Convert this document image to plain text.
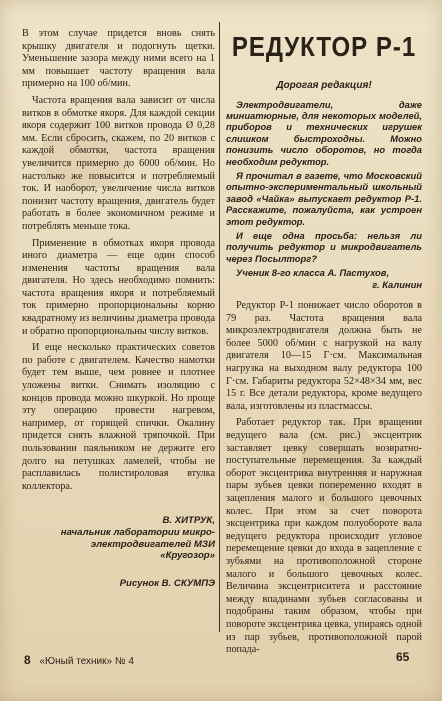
В этом случае придется вновь снять крышку двигателя и подогнуть щетки. Уменьшение зазора между ними всего на 1 мм повышает частоту вращения вала примерно на 100 об/мин.

Частота вращения вала зависит от числа витков в обмотке якоря. Для каждой секции якоря содержит 100 витков провода Ø 0,28 мм. Если сбросить, скажем, по 20 витков с каждой обмотки, частота вращения увеличится примерно до 6000 об/мин. Но настолько же повысится и потребляемый ток. И наоборот, увеличение числа витков понизит частоту вращения, двигатель будет работать в более экономичном режиме и потреблять меньше тока.

Применение в обмотках якоря провода иного диаметра — еще один способ изменения частоты вращения вала двигателя. Но здесь необходимо помнить: частота вращения якоря и потребляемый ток примерно пропорциональны корню квадратному из величины диаметра провода и обратно пропорциональны числу витков.

И еще несколько практических советов по работе с двигателем. Качество намотки будет тем выше, чем ровнее и плотнее уложены витки. Снимать изоляцию с концов провода можно шкуркой. Но проще эту операцию провести нагревом, например, от горящей спички. Окалину придется снять влажной тряпочкой. При пользовании паяльником не держите его долго на петушках ламелей, чтобы не расплавилась полистироловая втулка коллектора.

В. ХИТРУК,
начальник лаборатории микро-
электродвигателей МЗИ
«Кругозор»
Рисунок В. СКУМПЭ
РЕДУКТОР Р-1
Дорогая редакция!

Электродвигатели, даже миниатюрные, для некоторых моделей, приборов и технических игрушек слишком быстроходны. Можно понизить число оборотов, но тогда необходим редуктор.

Я прочитал в газете, что Московский опытно-экспериментальный школьный завод «Чайка» выпускает редуктор Р-1. Расскажите, пожалуйста, как устроен этот редуктор.

И еще одна просьба: нельзя ли получить редуктор и микродвигатель через Посылторг?

Ученик 8-го класса А. Пастухов,
г. Калинин

Редуктор Р-1 понижает число оборотов в 79 раз. Частота вращения вала микроэлектродвигателя должна быть не более 5000 об/мин с нагрузкой на валу двигателя 10—15 Г·см. Максимальная нагрузка на выходном валу редуктора 100 Г·см. Габариты редуктора 52×48×34 мм, вес 15 г. Все детали редуктора, кроме ведущего вала, изготовлены из пластмассы.

Работает редуктор так. При вращении ведущего вала (см. рис.) эксцентрик заставляет цевку совершать возвратно-поступательные перемещения. За каждый оборот эксцентрика внутренняя и наружная пары зубьев цевки попеременно входят в зацепления малого и большого цевочных колес. При этом за счет поворота эксцентрика при каждом полуобороте вала ведущего редуктора происходит угловое перемещение цевки до входа в зацепление с зубьями на противоположной стороне малого и большого цевочных колес. Величина эксцентриситета и расстояние между впадинами зубьев согласованы и подобраны таким образом, чтобы при повороте эксцентрика цевка, упираясь одной из пар зубьев, противоположной парой попада-

8 «Юный техник» № 4	65
